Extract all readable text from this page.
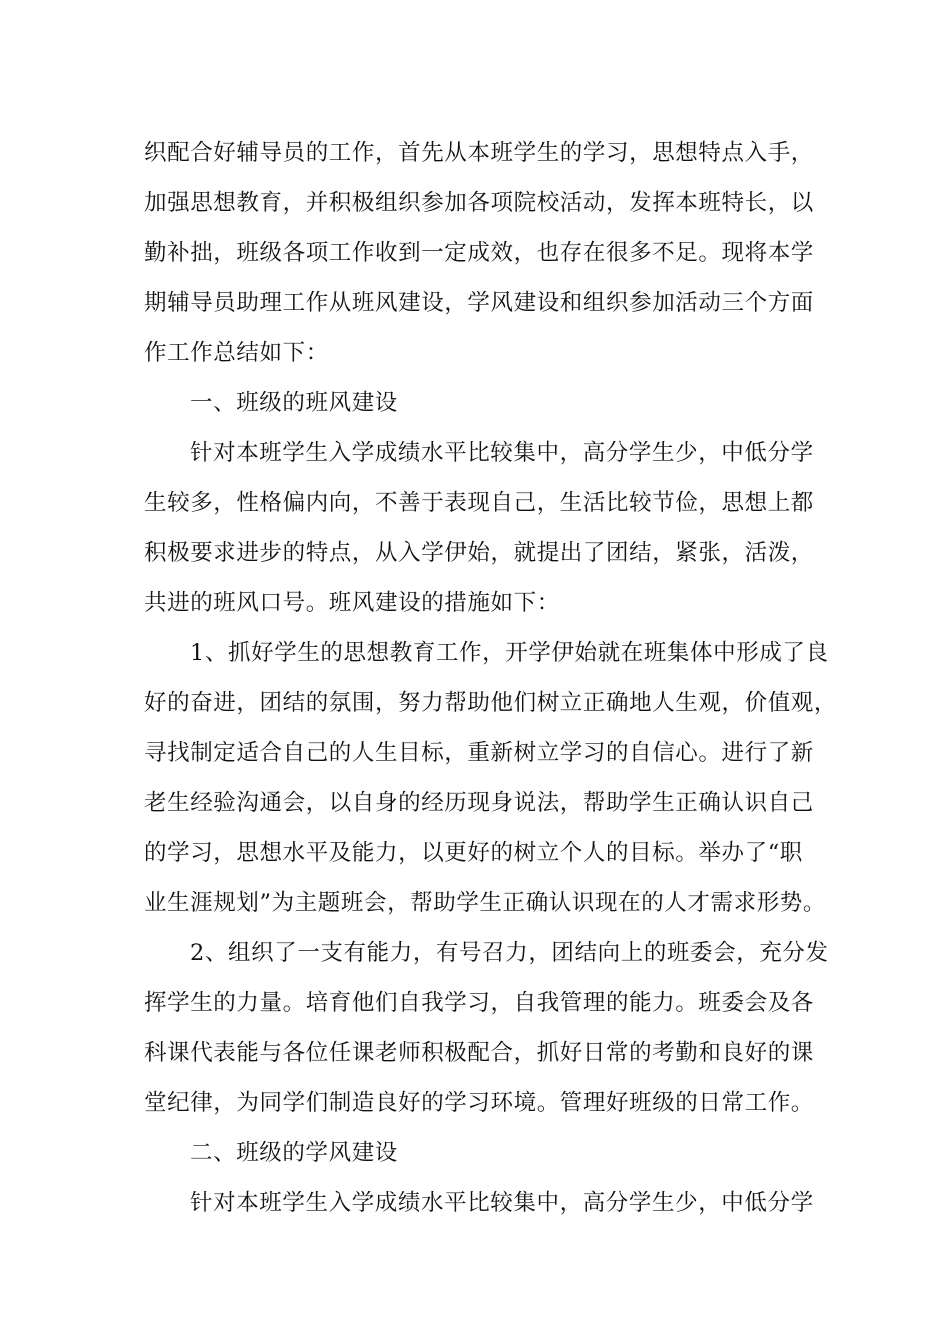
织配合好辅导员的工作，首先从本班学生的学习，思想特点入手，
加强思想教育，并积极组织参加各项院校活动，发挥本班特长，以
勤补拙，班级各项工作收到一定成效，也存在很多不足。现将本学
期辅导员助理工作从班风建设，学风建设和组织参加活动三个方面
作工作总结如下：
一、班级的班风建设
针对本班学生入学成绩水平比较集中，高分学生少，中低分学
生较多，性格偏内向，不善于表现自己，生活比较节俭，思想上都
积极要求进步的特点，从入学伊始，就提出了团结，紧张，活泼，
共进的班风口号。班风建设的措施如下：
1、抓好学生的思想教育工作，开学伊始就在班集体中形成了良
好的奋进，团结的氛围，努力帮助他们树立正确地人生观，价值观，
寻找制定适合自己的人生目标，重新树立学习的自信心。进行了新
老生经验沟通会，以自身的经历现身说法，帮助学生正确认识自己
的学习，思想水平及能力，以更好的树立个人的目标。举办了“职
业生涯规划”为主题班会，帮助学生正确认识现在的人才需求形势。
2、组织了一支有能力，有号召力，团结向上的班委会，充分发
挥学生的力量。培育他们自我学习，自我管理的能力。班委会及各
科课代表能与各位任课老师积极配合，抓好日常的考勤和良好的课
堂纪律，为同学们制造良好的学习环境。管理好班级的日常工作。
二、班级的学风建设
针对本班学生入学成绩水平比较集中，高分学生少，中低分学
